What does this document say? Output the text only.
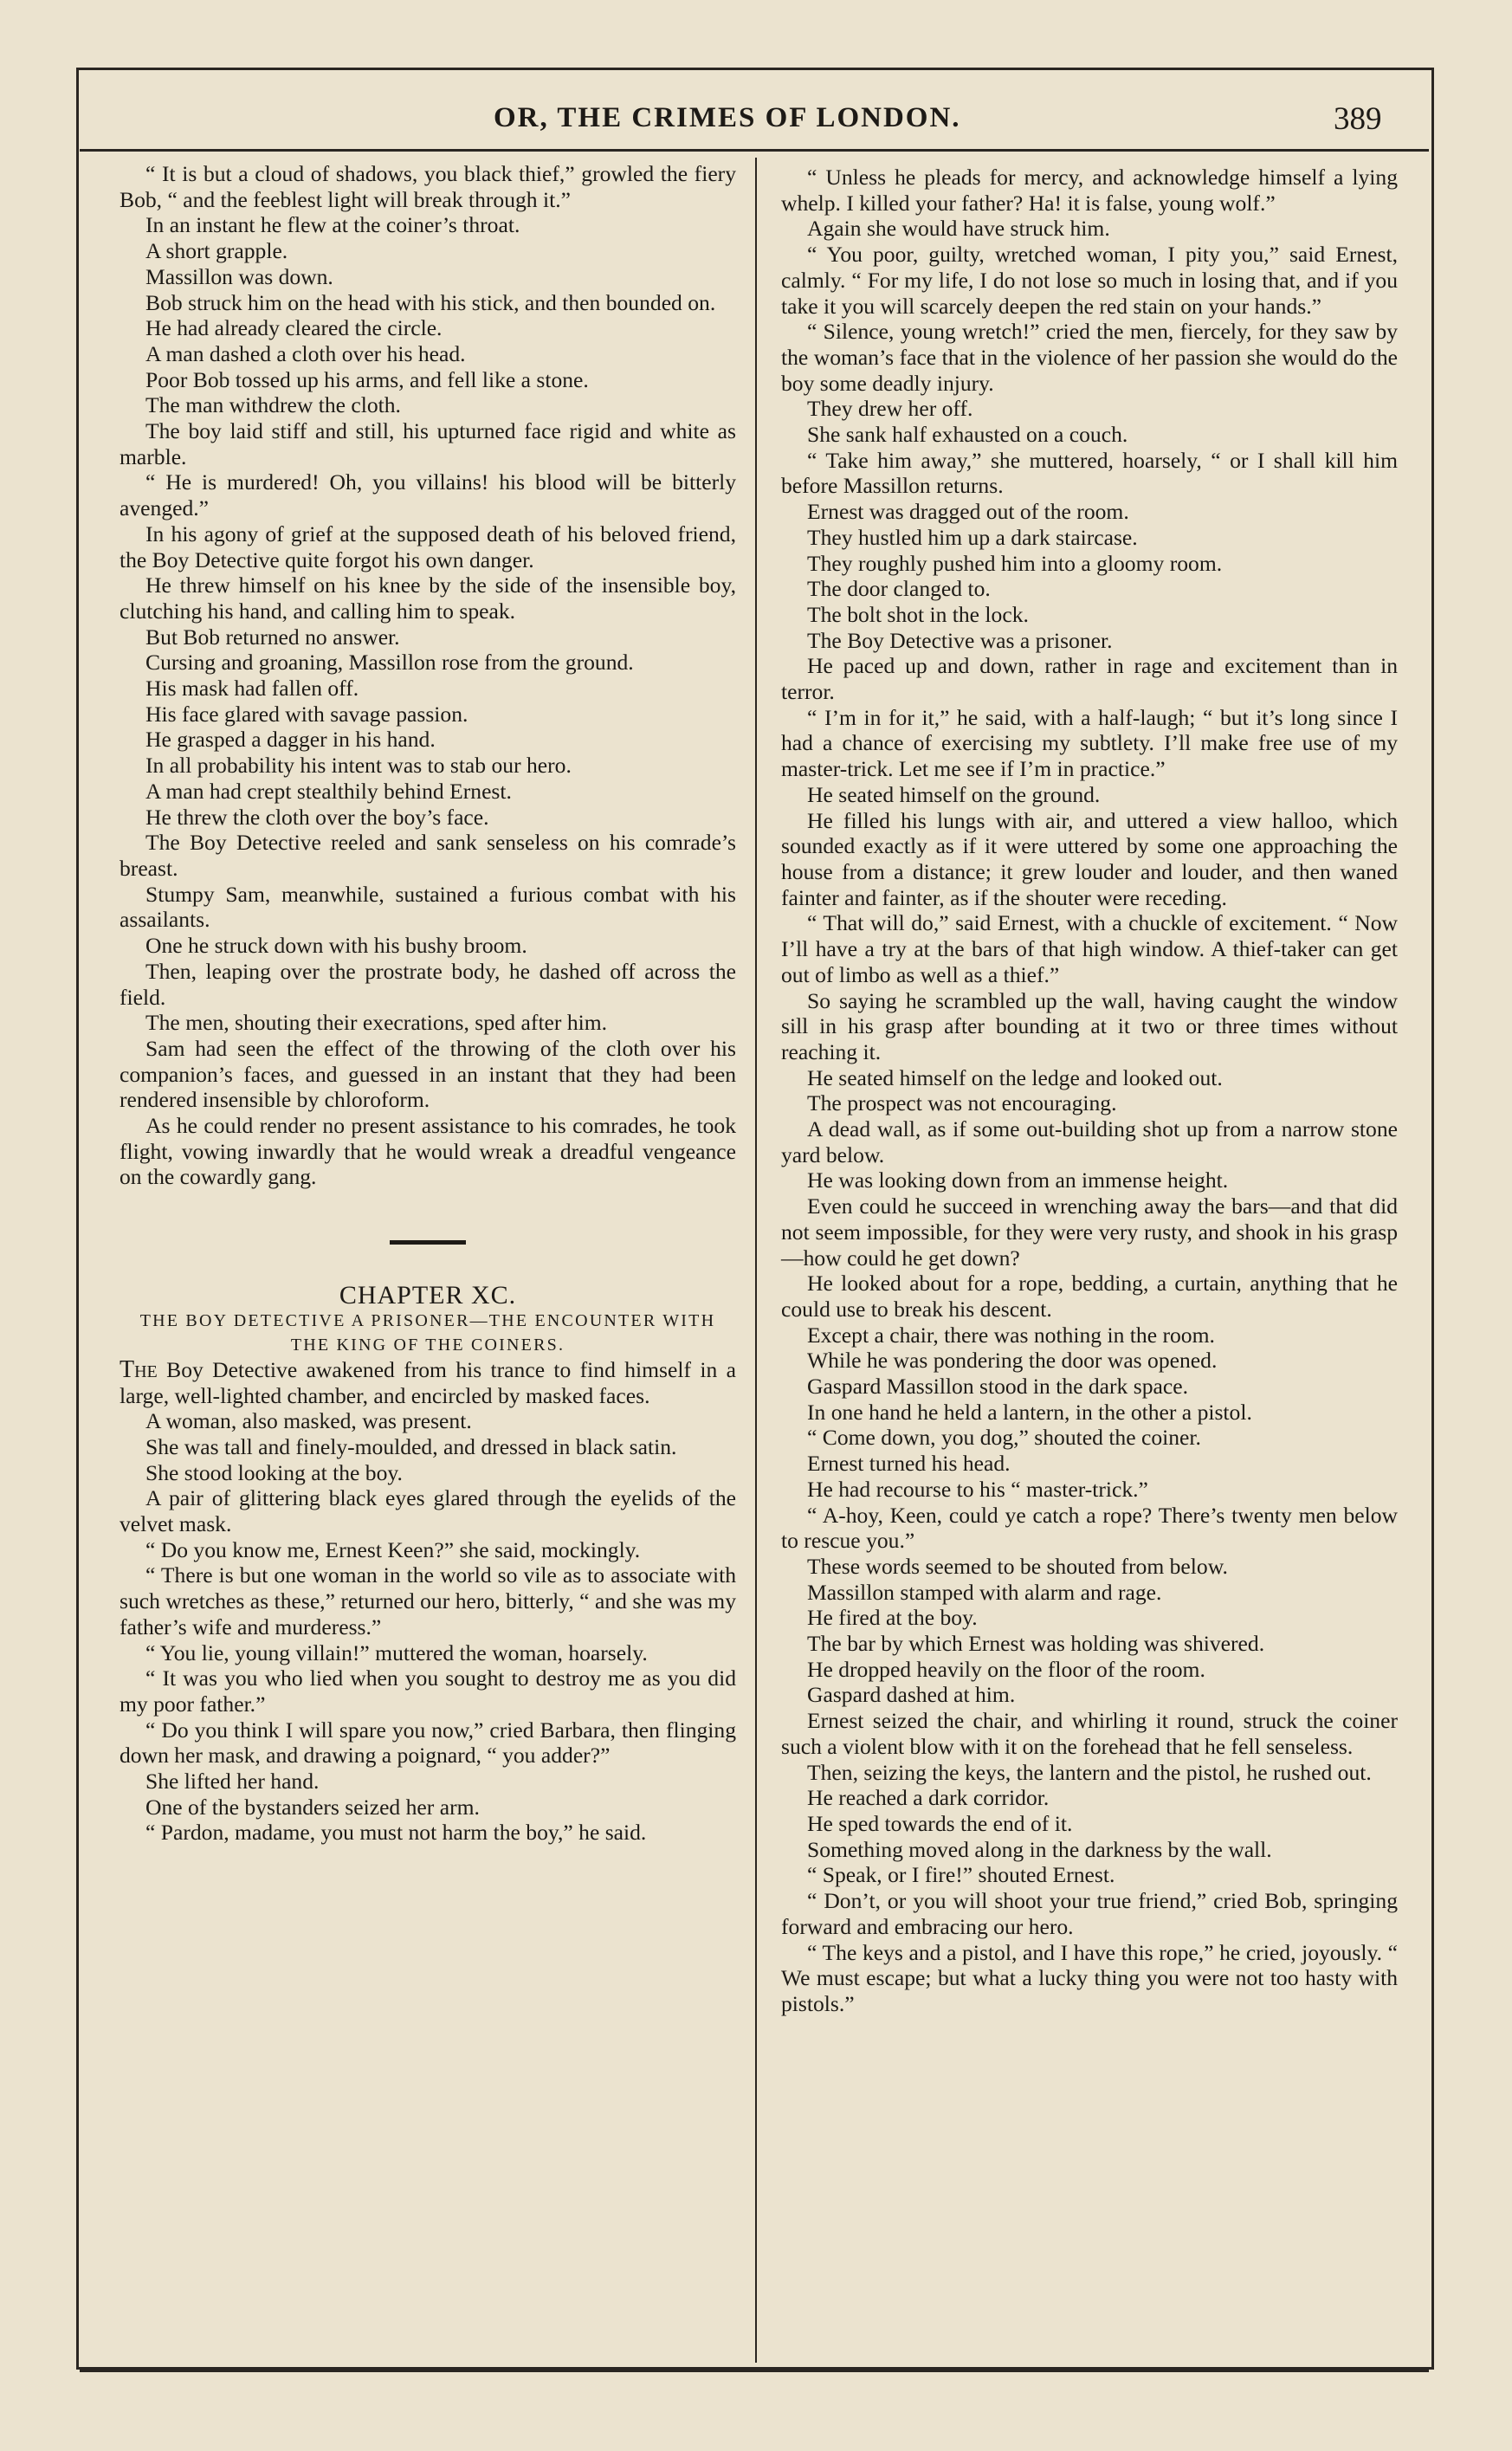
OR, THE CRIMES OF LONDON.	389

“ It is but a cloud of shadows, you black thief,” growled the fiery Bob, “ and the feeblest light will break through it.”

In an instant he flew at the coiner’s throat.

A short grapple.

Massillon was down.

Bob struck him on the head with his stick, and then bounded on.

He had already cleared the circle.

A man dashed a cloth over his head.

Poor Bob tossed up his arms, and fell like a stone.

The man withdrew the cloth.

The boy laid stiff and still, his upturned face rigid and white as marble.

“ He is murdered! Oh, you villains! his blood will be bitterly avenged.”

In his agony of grief at the supposed death of his beloved friend, the Boy Detective quite forgot his own danger.

He threw himself on his knee by the side of the insensible boy, clutching his hand, and calling him to speak.

But Bob returned no answer.

Cursing and groaning, Massillon rose from the ground.

His mask had fallen off.

His face glared with savage passion.

He grasped a dagger in his hand.

In all probability his intent was to stab our hero.

A man had crept stealthily behind Ernest.

He threw the cloth over the boy’s face.

The Boy Detective reeled and sank senseless on his comrade’s breast.

Stumpy Sam, meanwhile, sustained a furious combat with his assailants.

One he struck down with his bushy broom.

Then, leaping over the prostrate body, he dashed off across the field.

The men, shouting their execrations, sped after him.

Sam had seen the effect of the throwing of the cloth over his companion’s faces, and guessed in an instant that they had been rendered insensible by chloroform.

As he could render no present assistance to his comrades, he took flight, vowing inwardly that he would wreak a dreadful vengeance on the cowardly gang.

CHAPTER XC.

THE BOY DETECTIVE A PRISONER—THE ENCOUNTER WITH THE KING OF THE COINERS.

The Boy Detective awakened from his trance to find himself in a large, well-lighted chamber, and encircled by masked faces.

A woman, also masked, was present.

She was tall and finely-moulded, and dressed in black satin.

She stood looking at the boy.

A pair of glittering black eyes glared through the eyelids of the velvet mask.

“ Do you know me, Ernest Keen?” she said, mockingly.

“ There is but one woman in the world so vile as to associate with such wretches as these,” returned our hero, bitterly, “ and she was my father’s wife and murderess.”

“ You lie, young villain!” muttered the woman, hoarsely.

“ It was you who lied when you sought to destroy me as you did my poor father.”

“ Do you think I will spare you now,” cried Barbara, then flinging down her mask, and drawing a poignard, “ you adder?”

She lifted her hand.

One of the bystanders seized her arm.

“ Pardon, madame, you must not harm the boy,” he said.

“ Unless he pleads for mercy, and acknowledge himself a lying whelp. I killed your father? Ha! it is false, young wolf.”

Again she would have struck him.

“ You poor, guilty, wretched woman, I pity you,” said Ernest, calmly. “ For my life, I do not lose so much in losing that, and if you take it you will scarcely deepen the red stain on your hands.”

“ Silence, young wretch!” cried the men, fiercely, for they saw by the woman’s face that in the violence of her passion she would do the boy some deadly injury.

They drew her off.

She sank half exhausted on a couch.

“ Take him away,” she muttered, hoarsely, “ or I shall kill him before Massillon returns.

Ernest was dragged out of the room.

They hustled him up a dark staircase.

They roughly pushed him into a gloomy room.

The door clanged to.

The bolt shot in the lock.

The Boy Detective was a prisoner.

He paced up and down, rather in rage and excitement than in terror.

“ I’m in for it,” he said, with a half-laugh; “ but it’s long since I had a chance of exercising my subtlety. I’ll make free use of my master-trick. Let me see if I’m in practice.”

He seated himself on the ground.

He filled his lungs with air, and uttered a view halloo, which sounded exactly as if it were uttered by some one approaching the house from a distance; it grew louder and louder, and then waned fainter and fainter, as if the shouter were receding.

“ That will do,” said Ernest, with a chuckle of excitement. “ Now I’ll have a try at the bars of that high window. A thief-taker can get out of limbo as well as a thief.”

So saying he scrambled up the wall, having caught the window sill in his grasp after bounding at it two or three times without reaching it.

He seated himself on the ledge and looked out.

The prospect was not encouraging.

A dead wall, as if some out-building shot up from a narrow stone yard below.

He was looking down from an immense height.

Even could he succeed in wrenching away the bars—and that did not seem impossible, for they were very rusty, and shook in his grasp—how could he get down?

He looked about for a rope, bedding, a curtain, anything that he could use to break his descent.

Except a chair, there was nothing in the room.

While he was pondering the door was opened.

Gaspard Massillon stood in the dark space.

In one hand he held a lantern, in the other a pistol.

“ Come down, you dog,” shouted the coiner.

Ernest turned his head.

He had recourse to his “ master-trick.”

“ A-hoy, Keen, could ye catch a rope? There’s twenty men below to rescue you.”

These words seemed to be shouted from below.

Massillon stamped with alarm and rage.

He fired at the boy.

The bar by which Ernest was holding was shivered.

He dropped heavily on the floor of the room.

Gaspard dashed at him.

Ernest seized the chair, and whirling it round, struck the coiner such a violent blow with it on the forehead that he fell senseless.

Then, seizing the keys, the lantern and the pistol, he rushed out.

He reached a dark corridor.

He sped towards the end of it.

Something moved along in the darkness by the wall.

“ Speak, or I fire!” shouted Ernest.

“ Don’t, or you will shoot your true friend,” cried Bob, springing forward and embracing our hero.

“ The keys and a pistol, and I have this rope,” he cried, joyously. “ We must escape; but what a lucky thing you were not too hasty with pistols.”
